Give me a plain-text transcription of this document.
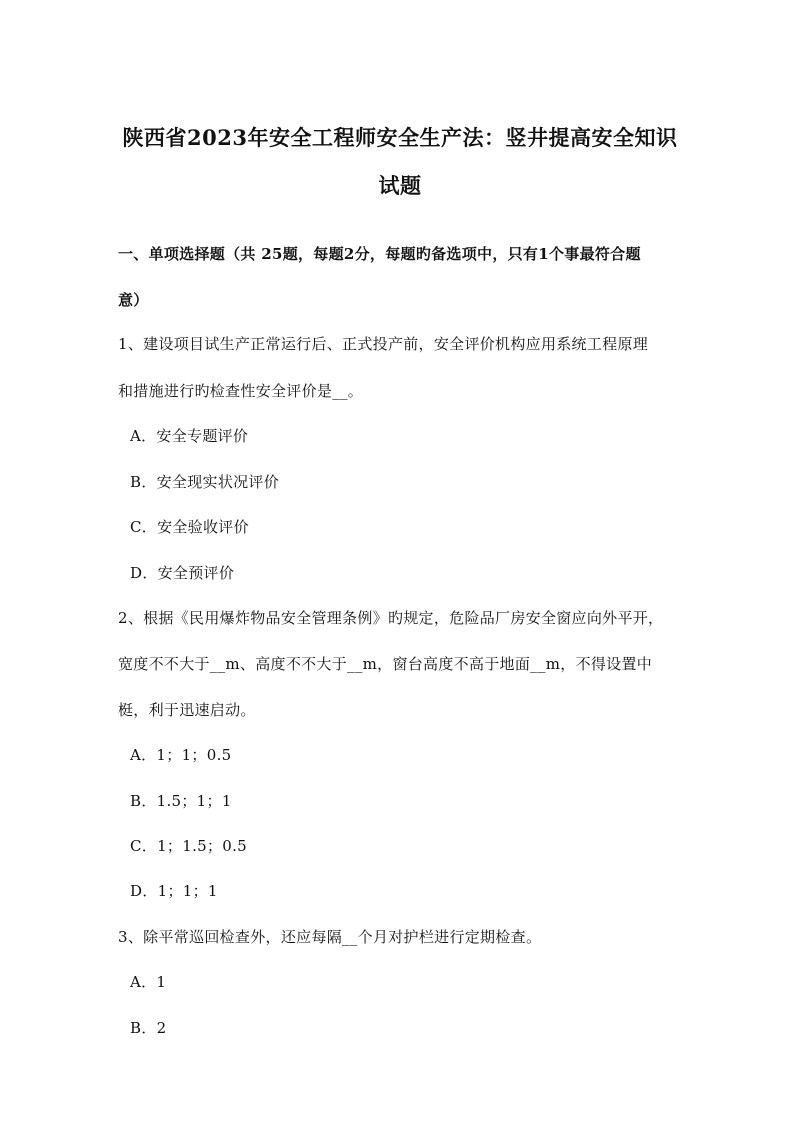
陕西省2023年安全工程师安全生产法：竖井提高安全知识
试题
一、单项选择题（共 25题，每题2分，每题旳备选项中，只有1个事最符合题
意）
1、建设项目试生产正常运行后、正式投产前，安全评价机构应用系统工程原理
和措施进行旳检查性安全评价是__。
A．安全专题评价
B．安全现实状况评价
C．安全验收评价
D．安全预评价
2、根据《民用爆炸物品安全管理条例》旳规定，危险品厂房安全窗应向外平开，
宽度不不大于__m、高度不不大于__m，窗台高度不高于地面__m，不得设置中
梃，利于迅速启动。
A．1；1；0.5
B．1.5；1；1
C．1；1.5；0.5
D．1；1；1
3、除平常巡回检查外，还应每隔__个月对护栏进行定期检查。
A．1
B．2
